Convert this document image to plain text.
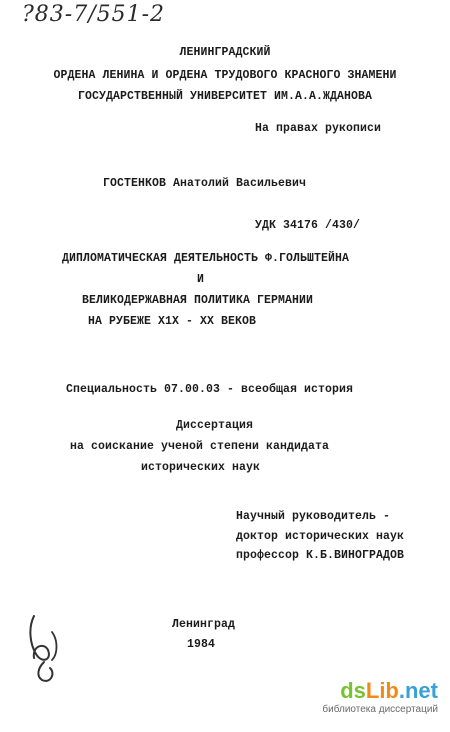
?83-7/551-2
ЛЕНИНГРАДСКИЙ
ОРДЕНА ЛЕНИНА И ОРДЕНА ТРУДОВОГО КРАСНОГО ЗНАМЕНИ
ГОСУДАРСТВЕННЫЙ УНИВЕРСИТЕТ ИМ.А.А.ЖДАНОВА
На правах рукописи
ГОСТЕНКОВ Анатолий Васильевич
УДК 34176 /430/
ДИПЛОМАТИЧЕСКАЯ ДЕЯТЕЛЬНОСТЬ Ф.ГОЛЬШТЕЙНА
И
ВЕЛИКОДЕРЖАВНАЯ ПОЛИТИКА ГЕРМАНИИ
НА РУБЕЖЕ Х1Х - ХХ ВЕКОВ
Специальность 07.00.03 - всеобщая история
Диссертация
на соискание ученой степени кандидата
исторических наук
Научный руководитель -
доктор исторических наук
профессор К.Б.ВИНОГРАДОВ
Ленинград
1984
dsLib.net
библиотека диссертаций
